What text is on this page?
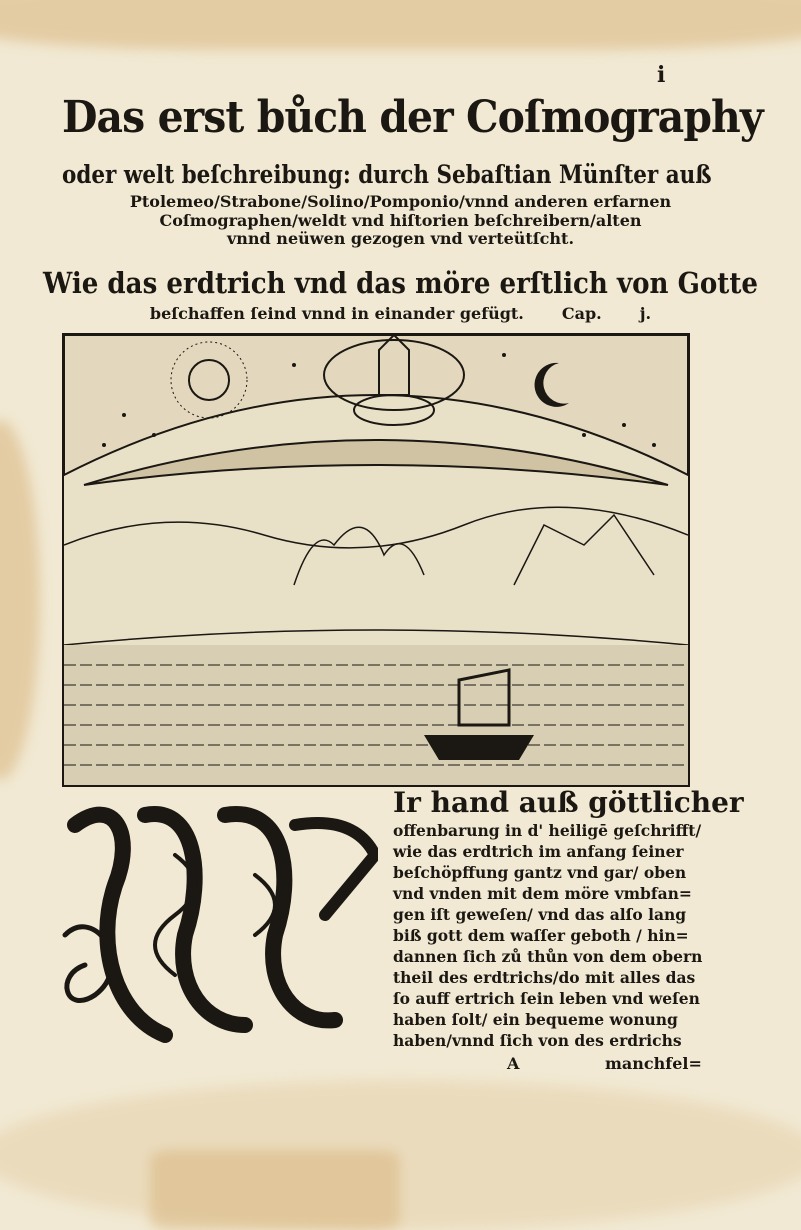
i
Das erst bůch der Coſmography
oder welt beſchreibung: durch Sebaſtian Münſter auß
Ptolemeo/Strabone/Solino/Pomponio/vnnd anderen erfarnen
Coſmographen/weldt vnd hiſtorien beſchreibern/alten
vnnd neüwen gezogen vnd verteütſcht.
Wie das erdtrich vnd das möre erſtlich von Gotte
beſchaffen ſeind vnnd in einander gefügt. Cap. j.
Ir hand auß göttlicher
offenbarung in d' heiligē geſchrifft/
wie das erdtrich im anfang ſeiner
beſchöpffung gantz vnd gar/ oben
vnd vnden mit dem möre vmbfan=
gen iſt geweſen/ vnd das alſo lang
biß gott dem waſſer geboth / hin=
dannen ſich zů thůn von dem obern
theil des erdtrichs/do mit alles das
ſo auff ertrich ſein leben vnd weſen
haben ſolt/ ein bequeme wonung
haben/vnnd ſich von des erdrichs
A	manchfel=
